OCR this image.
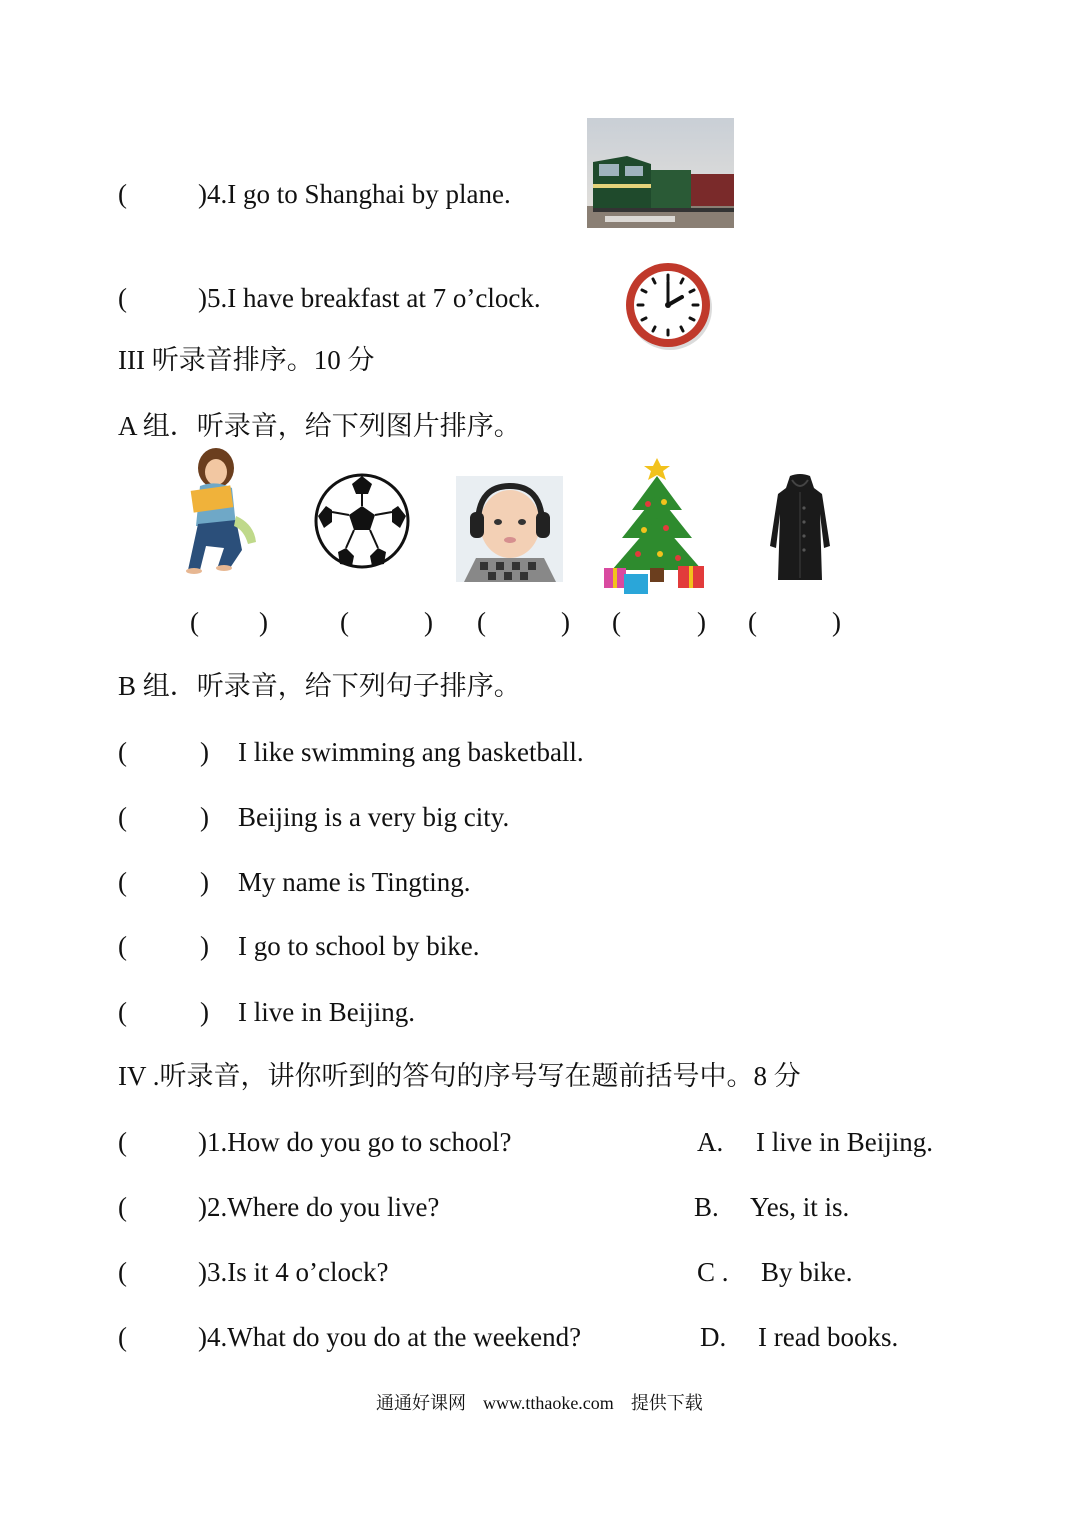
(	) 4.I go to Shanghai by plane.
(	) 5.I have breakfast at 7 o’clock.
III 听录音排序。10 分
A 组．听录音，给下列图片排序。
( )	(	) (	) (	) (	)
B 组．听录音，给下列句子排序。
(	) I like swimming ang basketball.
(	) Beijing is a very big city.
(	) My name is Tingting.
(	) I go to school by bike.
(	) I live in Beijing.
IV .听录音，讲你听到的答句的序号写在题前括号中。8 分
(	) 1.How do you go to school?	A. I live in Beijing.
(	) 2.Where do you live?	B. Yes, it is.
(	) 3.Is it 4 o’clock?	C . By bike.
(	) 4.What do you do at the weekend?	D. I read books.
通通好课网 www.tthaoke.com 提供下载
